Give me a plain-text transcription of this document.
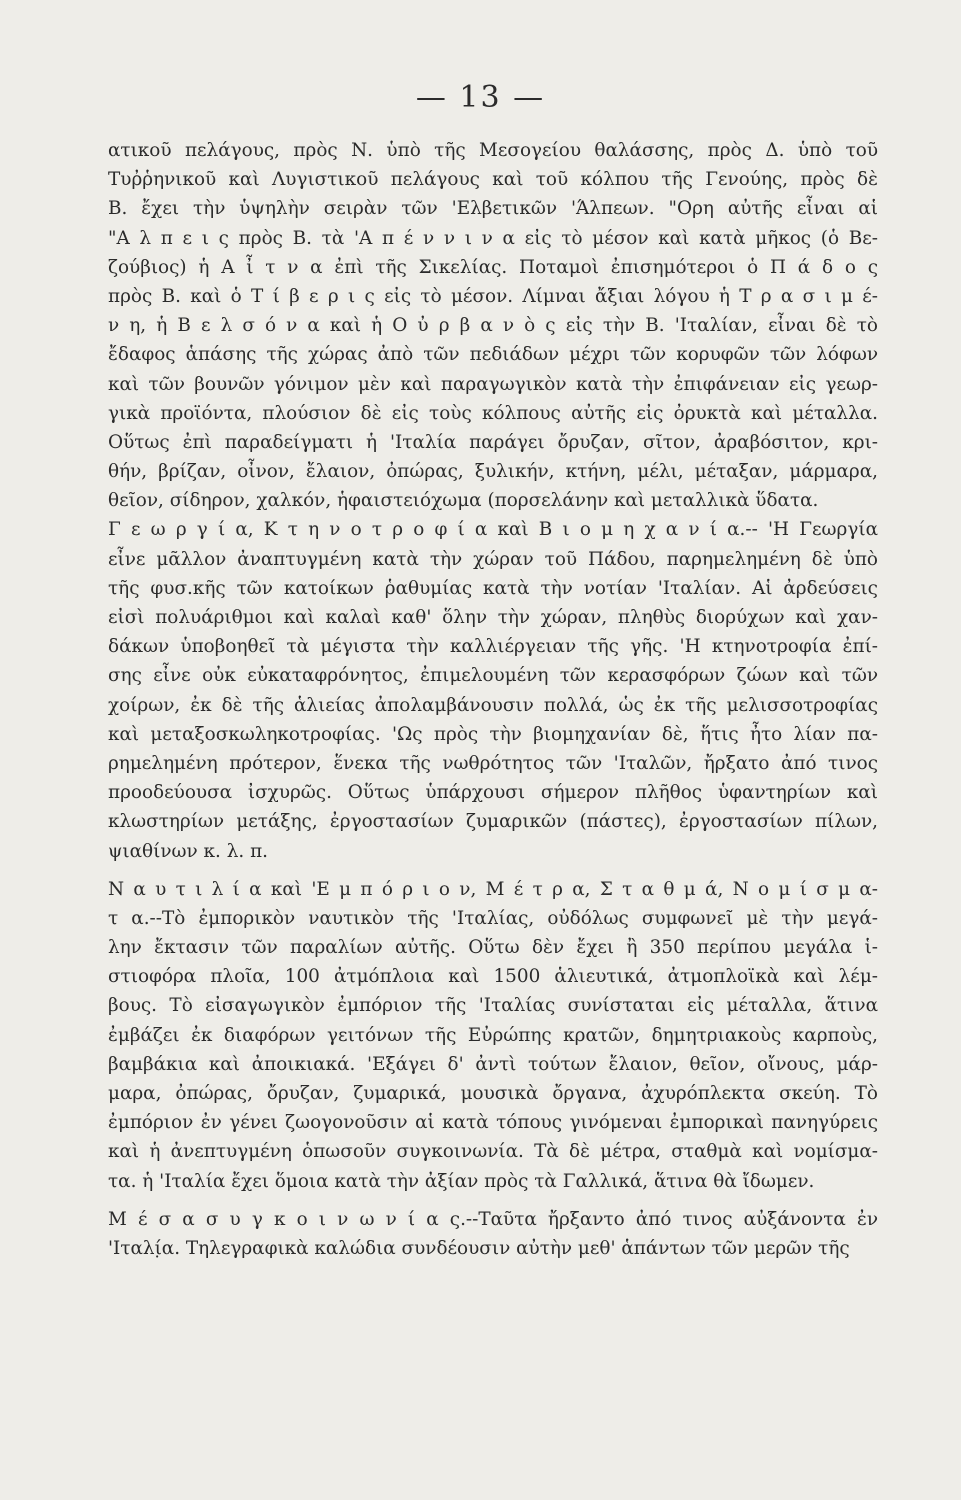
— 13 —
ατικοῦ πελάγους, πρὸς Ν. ὑπὸ τῆς Μεσογείου θαλάσσης, πρὸς Δ. ὑπὸ τοῦ
Τυῤῥηνικοῦ καὶ Λυγιστικοῦ πελάγους καὶ τοῦ κόλπου τῆς Γενούης, πρὸς δὲ
Β. ἔχει τὴν ὑψηλὴν σειρὰν τῶν 'Ελβετικῶν 'Άλπεων. "Ορη αὐτῆς εἶναι αἱ
"Α λ π ε ι ς πρὸς Β. τὰ 'Α π έ ν ν ι ν α εἰς τὸ μέσον καὶ κατὰ μῆκος (ὁ Βε-
ζούβιος) ἡ Α ἶ τ ν α ἐπὶ τῆς Σικελίας. Ποταμοὶ ἐπισημότεροι ὁ Π ά δ ο ς
πρὸς Β. καὶ ὁ Τ ί β ε ρ ι ς εἰς τὸ μέσον. Λίμναι ἄξιαι λόγου ἡ Τ ρ α σ ι μ έ-
ν η, ἡ Β ε λ σ ό ν α καὶ ἡ Ο ὐ ρ β α ν ὸ ς εἰς τὴν Β. 'Ιταλίαν, εἶναι δὲ τὸ
ἔδαφος ἁπάσης τῆς χώρας ἀπὸ τῶν πεδιάδων μέχρι τῶν κορυφῶν τῶν λόφων
καὶ τῶν βουνῶν γόνιμον μὲν καὶ παραγωγικὸν κατὰ τὴν ἐπιφάνειαν εἰς γεωρ-
γικὰ προϊόντα, πλούσιον δὲ εἰς τοὺς κόλπους αὐτῆς εἰς ὀρυκτὰ καὶ μέταλλα.
Οὕτως ἐπὶ παραδείγματι ἡ 'Ιταλία παράγει ὄρυζαν, σῖτον, ἀραβόσιτον, κρι-
θήν, βρίζαν, οἶνον, ἔλαιον, ὀπώρας, ξυλικήν, κτήνη, μέλι, μέταξαν, μάρμαρα,
θεῖον, σίδηρον, χαλκόν, ἡφαιστειόχωμα (πορσελάνην καὶ μεταλλικὰ ὕδατα.
Γ ε ω ρ γ ί α, Κ τ η ν ο τ ρ ο φ ί α καὶ Β ι ο μ η χ α ν ί α.-- 'Η Γεωργία
εἶνε μᾶλλον ἀναπτυγμένη κατὰ τὴν χώραν τοῦ Πάδου, παρημελημένη δὲ ὑπὸ
τῆς φυσ.κῆς τῶν κατοίκων ῥαθυμίας κατὰ τὴν νοτίαν 'Ιταλίαν. Αἱ ἀρδεύσεις
εἰσὶ πολυάριθμοι καὶ καλαὶ καθ' ὅλην τὴν χώραν, πληθὺς διορύχων καὶ χαν-
δάκων ὑποβοηθεῖ τὰ μέγιστα τὴν καλλιέργειαν τῆς γῆς. 'Η κτηνοτροφία ἐπί-
σης εἶνε οὐκ εὐκαταφρόνητος, ἐπιμελουμένη τῶν κερασφόρων ζώων καὶ τῶν
χοίρων, ἐκ δὲ τῆς ἁλιείας ἀπολαμβάνουσιν πολλά, ὡς ἐκ τῆς μελισσοτροφίας
καὶ μεταξοσκωληκοτροφίας. 'Ως πρὸς τὴν βιομηχανίαν δὲ, ἥτις ἦτο λίαν πα-
ρημελημένη πρότερον, ἕνεκα τῆς νωθρότητος τῶν 'Ιταλῶν, ἤρξατο ἀπό τινος
προοδεύουσα ἰσχυρῶς. Οὕτως ὑπάρχουσι σήμερον πλῆθος ὑφαντηρίων καὶ
κλωστηρίων μετάξης, ἐργοστασίων ζυμαρικῶν (πάστες), ἐργοστασίων πίλων,
ψιαθίνων κ. λ. π.
Ν α υ τ ι λ ί α καὶ 'Ε μ π ό ρ ι ο ν, Μ έ τ ρ α, Σ τ α θ μ ά, Ν ο μ ί σ μ α-
τ α.--Τὸ ἐμπορικὸν ναυτικὸν τῆς 'Ιταλίας, οὐδόλως συμφωνεῖ μὲ τὴν μεγά-
λην ἔκτασιν τῶν παραλίων αὐτῆς. Οὕτω δὲν ἔχει ἢ 350 περίπου μεγάλα ἱ-
στιοφόρα πλοῖα, 100 ἀτμόπλοια καὶ 1500 ἁλιευτικά, ἀτμοπλοϊκὰ καὶ λέμ-
βους. Τὸ εἰσαγωγικὸν ἐμπόριον τῆς 'Ιταλίας συνίσταται εἰς μέταλλα, ἅτινα
ἐμβάζει ἐκ διαφόρων γειτόνων τῆς Εὐρώπης κρατῶν, δημητριακοὺς καρποὺς,
βαμβάκια καὶ ἀποικιακά. 'Εξάγει δ' ἀντὶ τούτων ἔλαιον, θεῖον, οἴνους, μάρ-
μαρα, ὀπώρας, ὄρυζαν, ζυμαρικά, μουσικὰ ὄργανα, ἀχυρόπλεκτα σκεύη. Τὸ
ἐμπόριον ἐν γένει ζωογονοῦσιν αἱ κατὰ τόπους γινόμεναι ἐμπορικαὶ πανηγύρεις
καὶ ἡ ἀνεπτυγμένη ὁπωσοῦν συγκοινωνία. Τὰ δὲ μέτρα, σταθμὰ καὶ νομίσμα-
τα. ἡ 'Ιταλία ἔχει ὅμοια κατὰ τὴν ἀξίαν πρὸς τὰ Γαλλικά, ἅτινα θὰ ἴδωμεν.
Μ έ σ α σ υ γ κ ο ι ν ω ν ί α ς.--Ταῦτα ἤρξαντο ἀπό τινος αὐξάνοντα ἐν
'Ιταλί̣α. Τηλεγραφικὰ καλώδια συνδέουσιν αὐτὴν μεθ' ἁπάντων τῶν μερῶν τῆς
